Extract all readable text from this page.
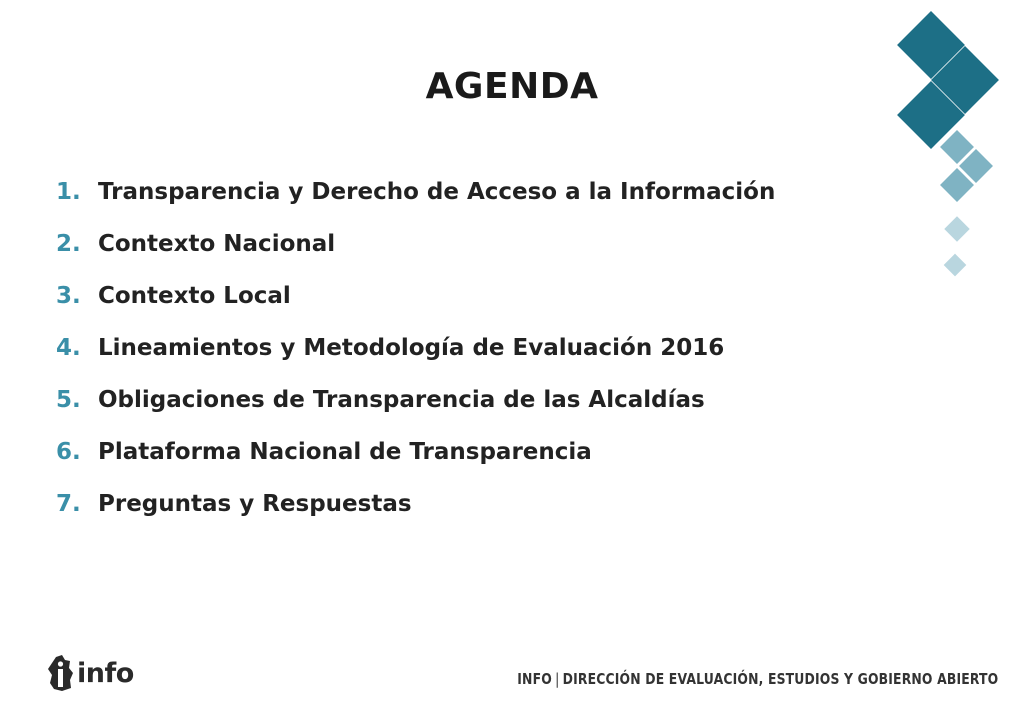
AGENDA
1. Transparencia y Derecho de Acceso a la Información
2. Contexto Nacional
3. Contexto Local
4. Lineamientos y Metodología de Evaluación 2016
5. Obligaciones de Transparencia de las Alcaldías
6. Plataforma Nacional de Transparencia
7. Preguntas y Respuestas
info	INFO | DIRECCIÓN DE EVALUACIÓN, ESTUDIOS Y GOBIERNO ABIERTO
